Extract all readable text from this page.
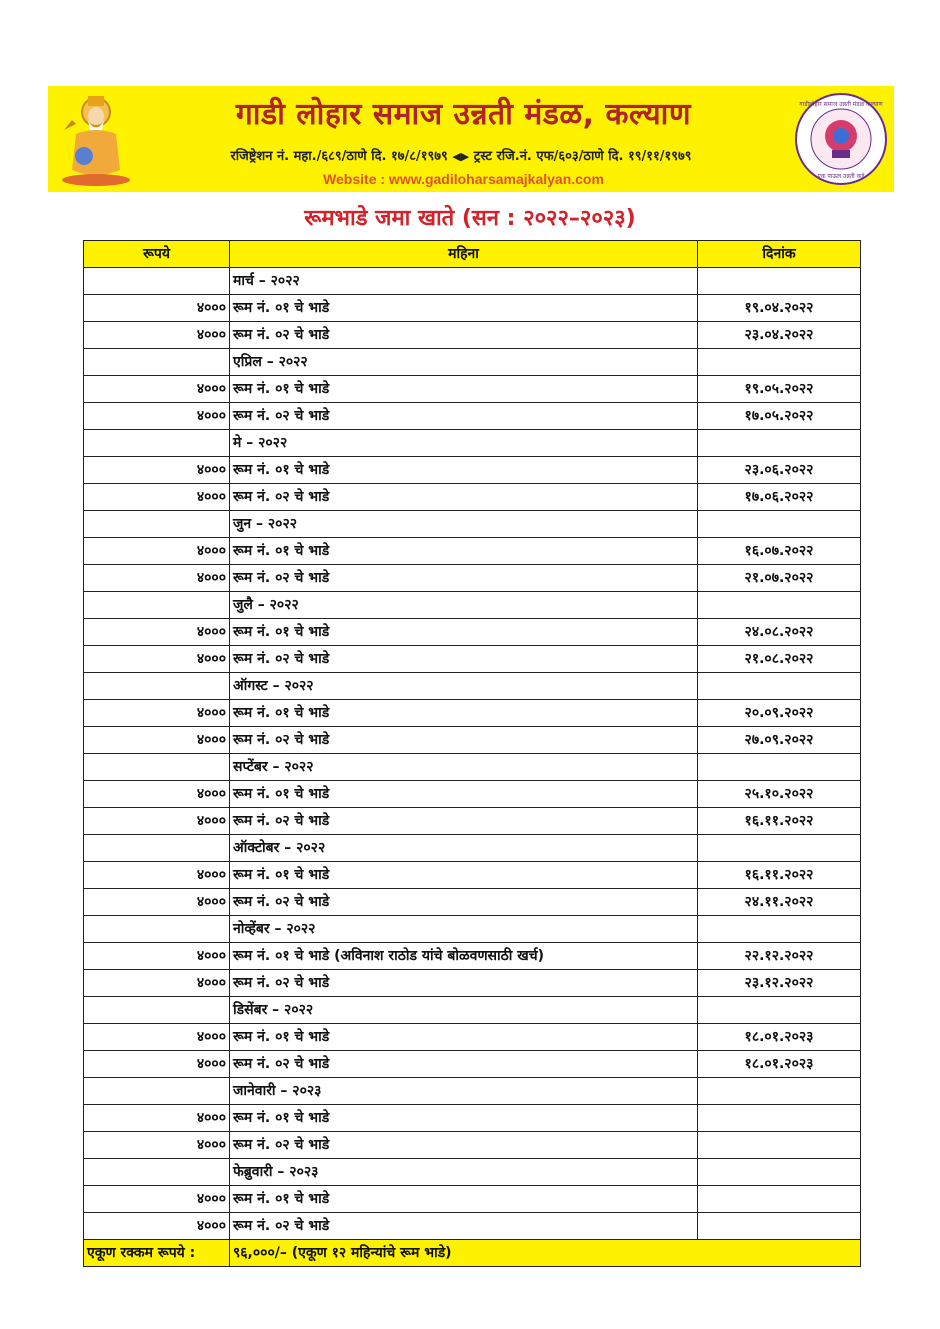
गाडी लोहार समाज उन्नती मंडळ, कल्याण
रजिष्ट्रेशन नं. महा./६८९/ठाणे दि. १७/८/१९७९ ◀▶ ट्रस्ट रजि.नं. एफ/६०३/ठाणे दि. १९/११/१९७९
Website : www.gadiloharsamajkalyan.com
गाडीलोहार समाज उन्नती मंडळ कल्याण
एक पाऊल उन्नती कडे
रूमभाडे जमा खाते (सन : २०२२–२०२३)
रूपये	महिना	दिनांक
	मार्च – २०२२	
४०००	रूम नं. ०१ चे भाडे	१९.०४.२०२२
४०००	रूम नं. ०२ चे भाडे	२३.०४.२०२२
	एप्रिल – २०२२	
४०००	रूम नं. ०१ चे भाडे	१९.०५.२०२२
४०००	रूम नं. ०२ चे भाडे	१७.०५.२०२२
	मे – २०२२	
४०००	रूम नं. ०१ चे भाडे	२३.०६.२०२२
४०००	रूम नं. ०२ चे भाडे	१७.०६.२०२२
	जुन – २०२२	
४०००	रूम नं. ०१ चे भाडे	१६.०७.२०२२
४०००	रूम नं. ०२ चे भाडे	२१.०७.२०२२
	जुलै – २०२२	
४०००	रूम नं. ०१ चे भाडे	२४.०८.२०२२
४०००	रूम नं. ०२ चे भाडे	२१.०८.२०२२
	ऑगस्ट – २०२२	
४०००	रूम नं. ०१ चे भाडे	२०.०९.२०२२
४०००	रूम नं. ०२ चे भाडे	२७.०९.२०२२
	सप्टेंबर – २०२२	
४०००	रूम नं. ०१ चे भाडे	२५.१०.२०२२
४०००	रूम नं. ०२ चे भाडे	१६.११.२०२२
	ऑक्टोबर – २०२२	
४०००	रूम नं. ०१ चे भाडे	१६.११.२०२२
४०००	रूम नं. ०२ चे भाडे	२४.११.२०२२
	नोव्हेंबर – २०२२	
४०००	रूम नं. ०१ चे भाडे (अविनाश राठोड यांचे बोळवणसाठी खर्च)	२२.१२.२०२२
४०००	रूम नं. ०२ चे भाडे	२३.१२.२०२२
	डिसेंबर – २०२२	
४०००	रूम नं. ०१ चे भाडे	१८.०१.२०२३
४०००	रूम नं. ०२ चे भाडे	१८.०१.२०२३
	जानेवारी – २०२३	
४०००	रूम नं. ०१ चे भाडे	
४०००	रूम नं. ०२ चे भाडे	
	फेब्रुवारी – २०२३	
४०००	रूम नं. ०१ चे भाडे	
४०००	रूम नं. ०२ चे भाडे	
एकूण रक्कम रूपये :	९६,०००/– (एकूण १२ महिन्यांचे रूम भाडे)	
